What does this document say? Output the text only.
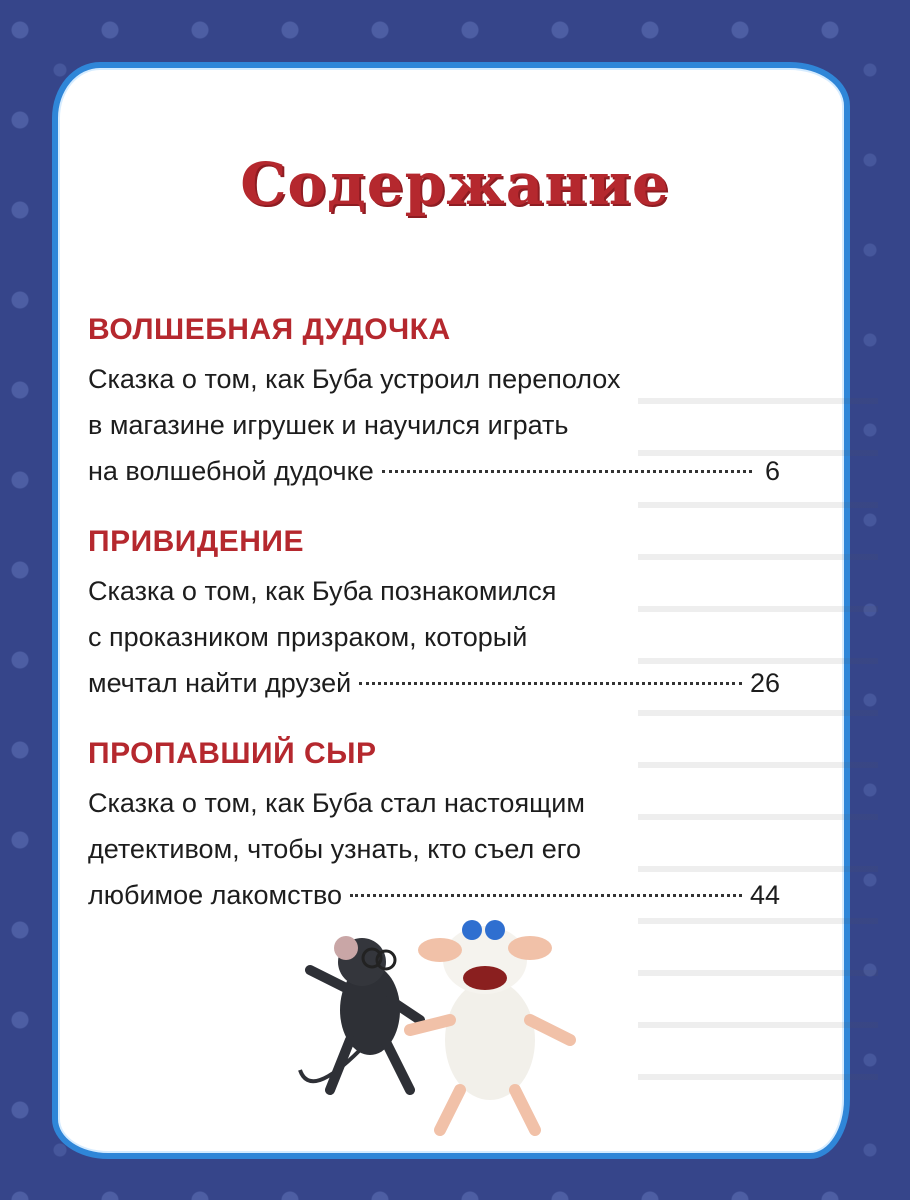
Содержание
ВОЛШЕБНАЯ ДУДОЧКА
Сказка о том, как Буба устроил переполох
в магазине игрушек и научился играть
на волшебной дудочке	6
ПРИВИДЕНИЕ
Сказка о том, как Буба познакомился
с проказником призраком, который
мечтал найти друзей	26
ПРОПАВШИЙ СЫР
Сказка о том, как Буба стал настоящим
детективом, чтобы узнать, кто съел его
любимое лакомство	44
